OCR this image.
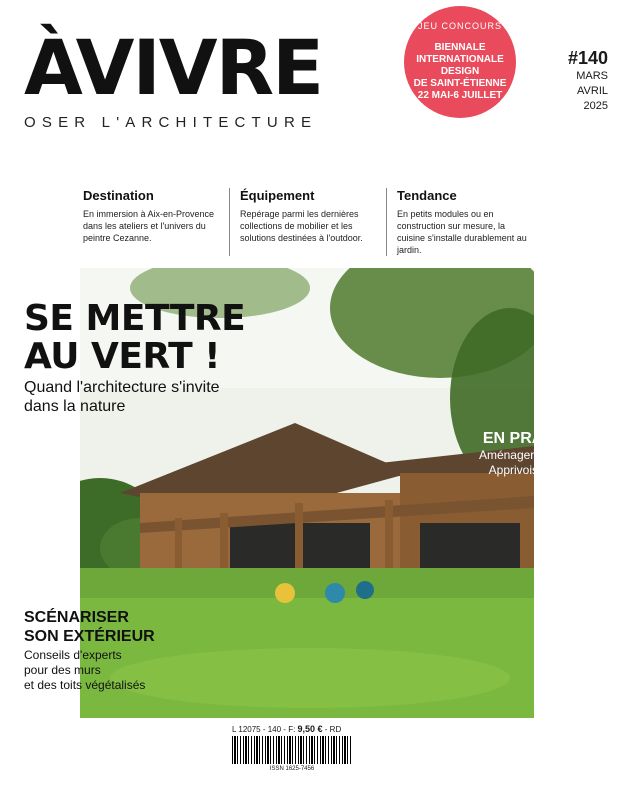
ÀVIVRE
OSER L'ARCHITECTURE
JEU CONCOURS
BIENNALE
INTERNATIONALE
DESIGN
DE SAINT-ÉTIENNE
22 MAI-6 JUILLET
#140
MARS
AVRIL
2025
Destination
En immersion à Aix-en-Provence dans les ateliers et l'univers du peintre Cezanne.
Équipement
Repérage parmi les dernières collections de mobilier et les solutions destinées à l'outdoor.
Tendance
En petits modules ou en construction sur mesure, la cuisine s'installe durablement au jardin.
SE METTRE
AU VERT !
Quand l'architecture s'invite dans la nature
EN PRATIQUE
Aménager sa piscine
Apprivoiser l'ombre
SCÉNARISER
SON EXTÉRIEUR
Conseils d'experts
pour des murs
et des toits végétalisés
L 12075 - 140 - F: 9,50 € - RD
ISSN 1625-7456
